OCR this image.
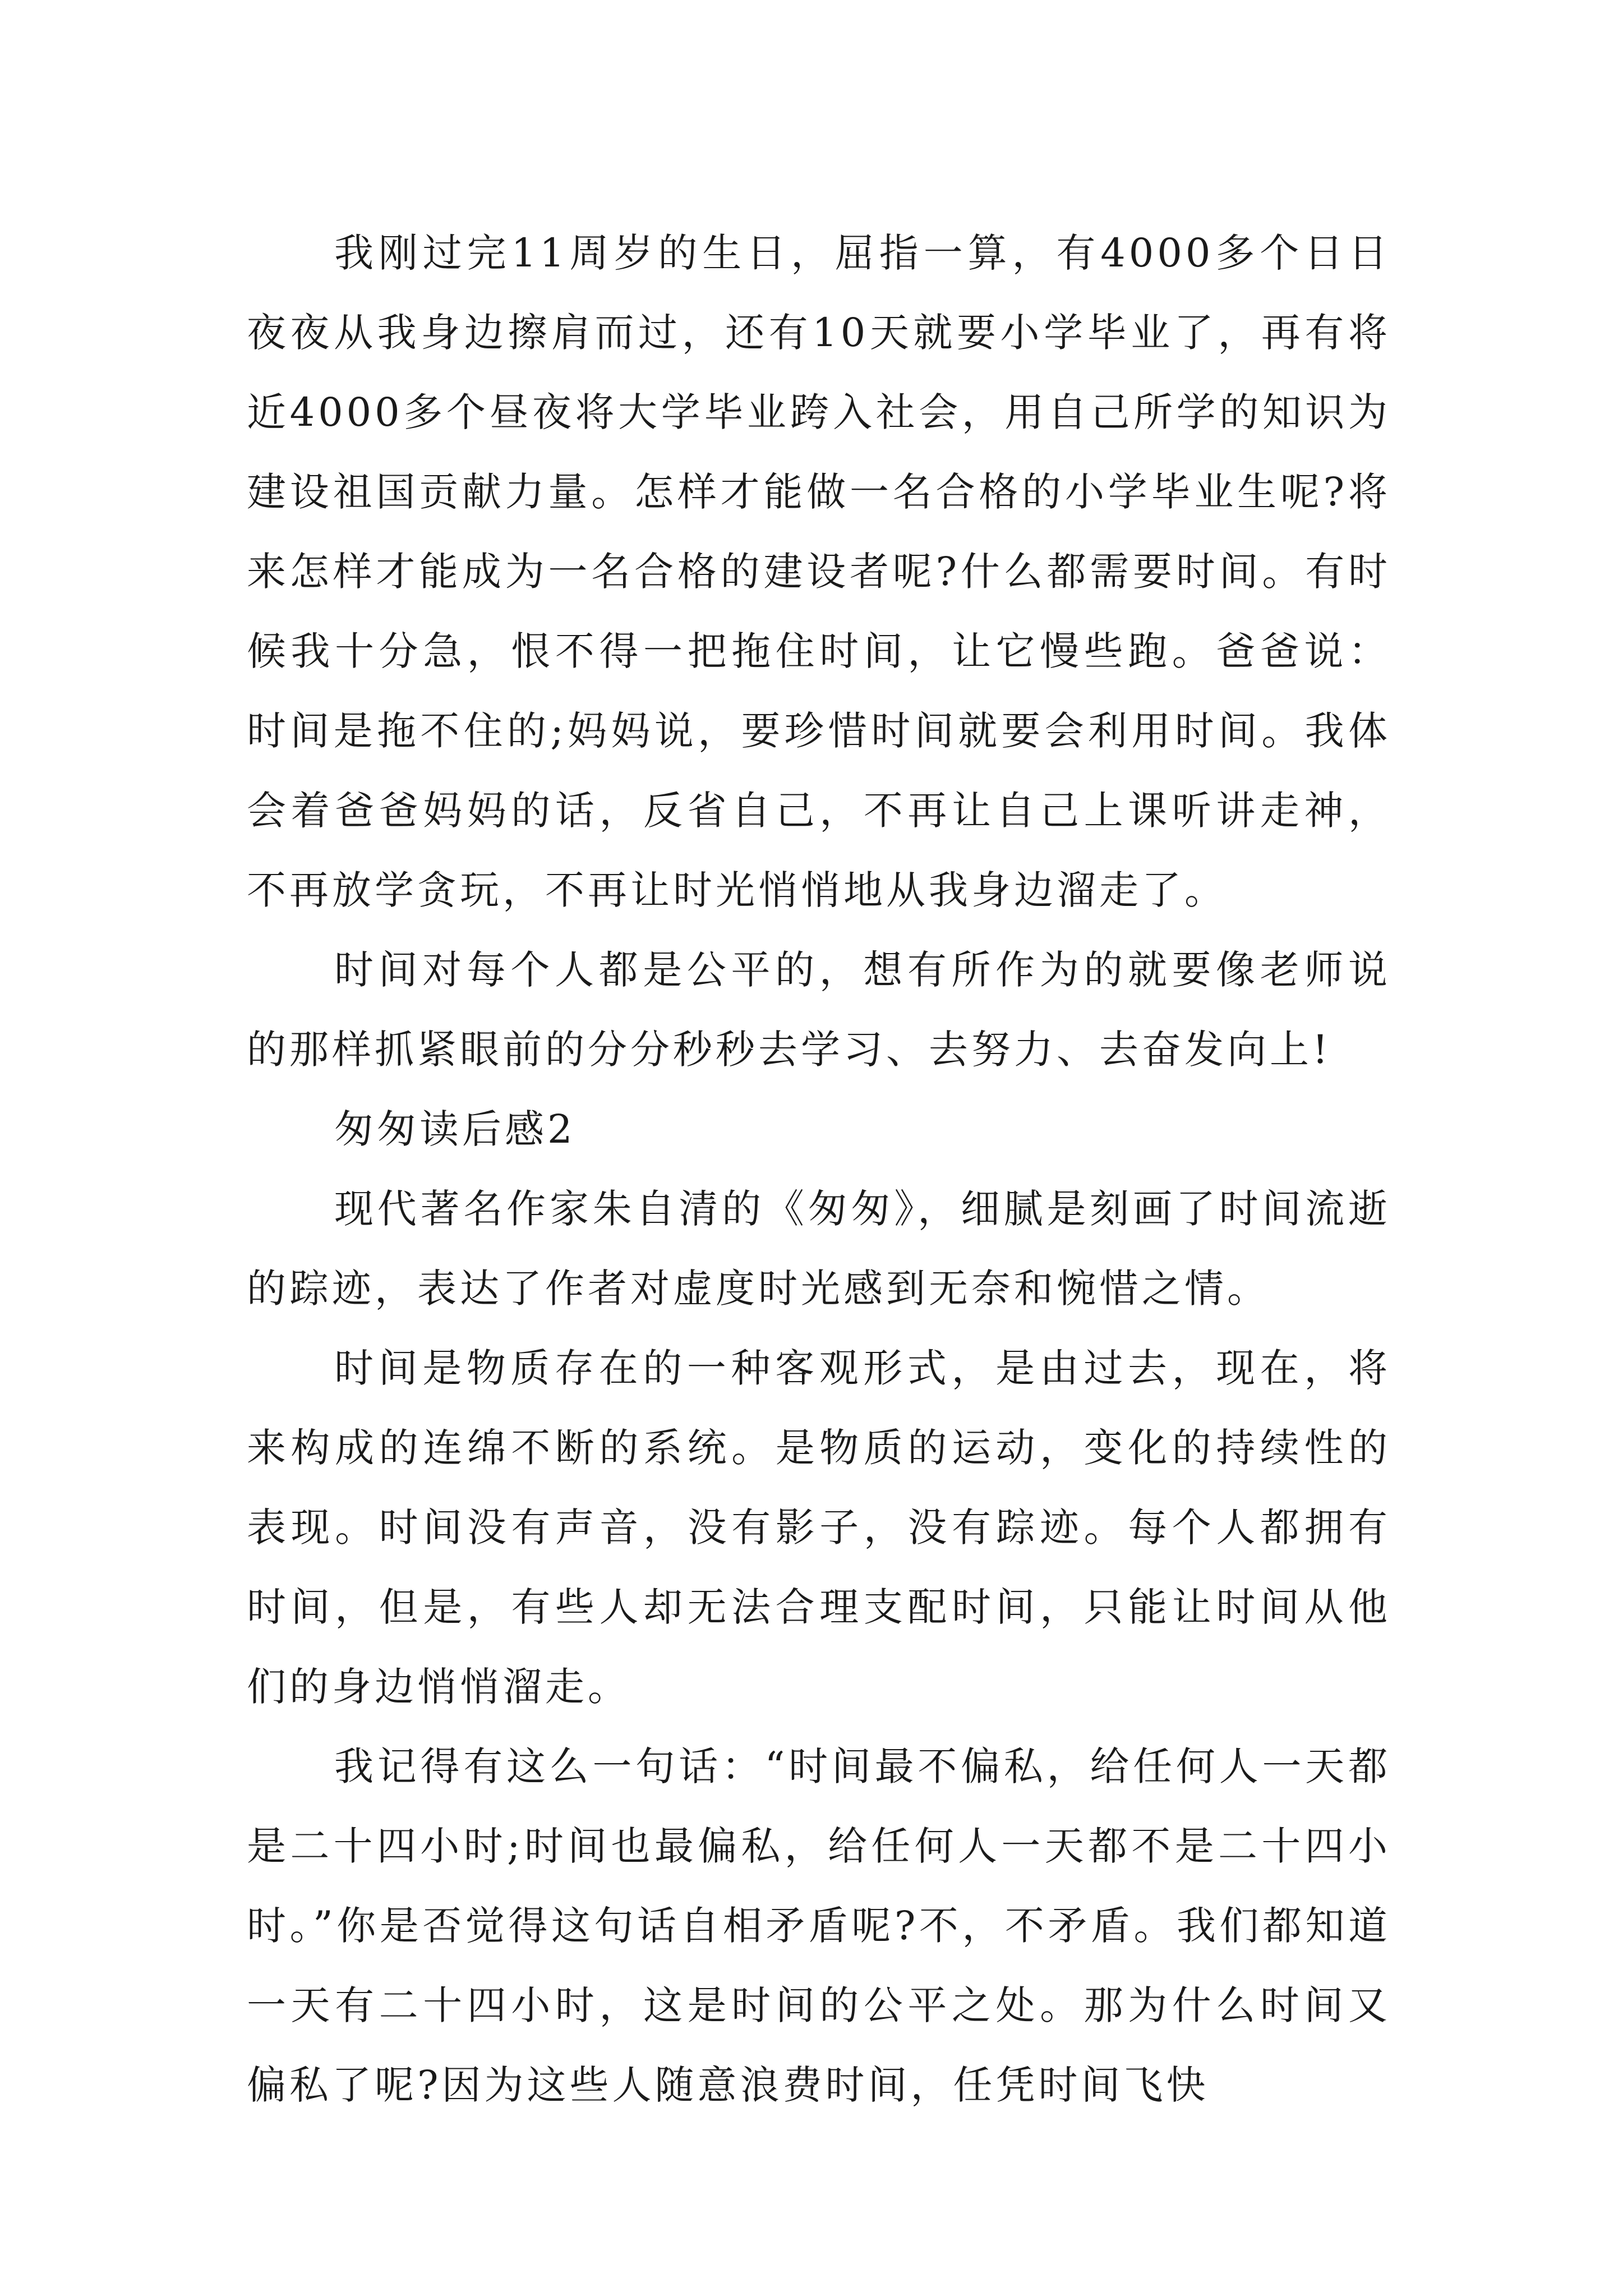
我刚过完11周岁的生日，屈指一算，有4000多个日日夜夜从我身边擦肩而过，还有10天就要小学毕业了，再有将近4000多个昼夜将大学毕业跨入社会，用自己所学的知识为建设祖国贡献力量。怎样才能做一名合格的小学毕业生呢?将来怎样才能成为一名合格的建设者呢?什么都需要时间。有时候我十分急，恨不得一把拖住时间，让它慢些跑。爸爸说：时间是拖不住的;妈妈说，要珍惜时间就要会利用时间。我体会着爸爸妈妈的话，反省自己，不再让自己上课听讲走神，不再放学贪玩，不再让时光悄悄地从我身边溜走了。

时间对每个人都是公平的，想有所作为的就要像老师说的那样抓紧眼前的分分秒秒去学习、去努力、去奋发向上!

匆匆读后感2

现代著名作家朱自清的《匆匆》，细腻是刻画了时间流逝的踪迹，表达了作者对虚度时光感到无奈和惋惜之情。

时间是物质存在的一种客观形式，是由过去，现在，将来构成的连绵不断的系统。是物质的运动，变化的持续性的表现。时间没有声音，没有影子，没有踪迹。每个人都拥有时间，但是，有些人却无法合理支配时间，只能让时间从他们的身边悄悄溜走。

我记得有这么一句话：“时间最不偏私，给任何人一天都是二十四小时;时间也最偏私，给任何人一天都不是二十四小时。”你是否觉得这句话自相矛盾呢?不，不矛盾。我们都知道一天有二十四小时，这是时间的公平之处。那为什么时间又偏私了呢?因为这些人随意浪费时间，任凭时间飞快
